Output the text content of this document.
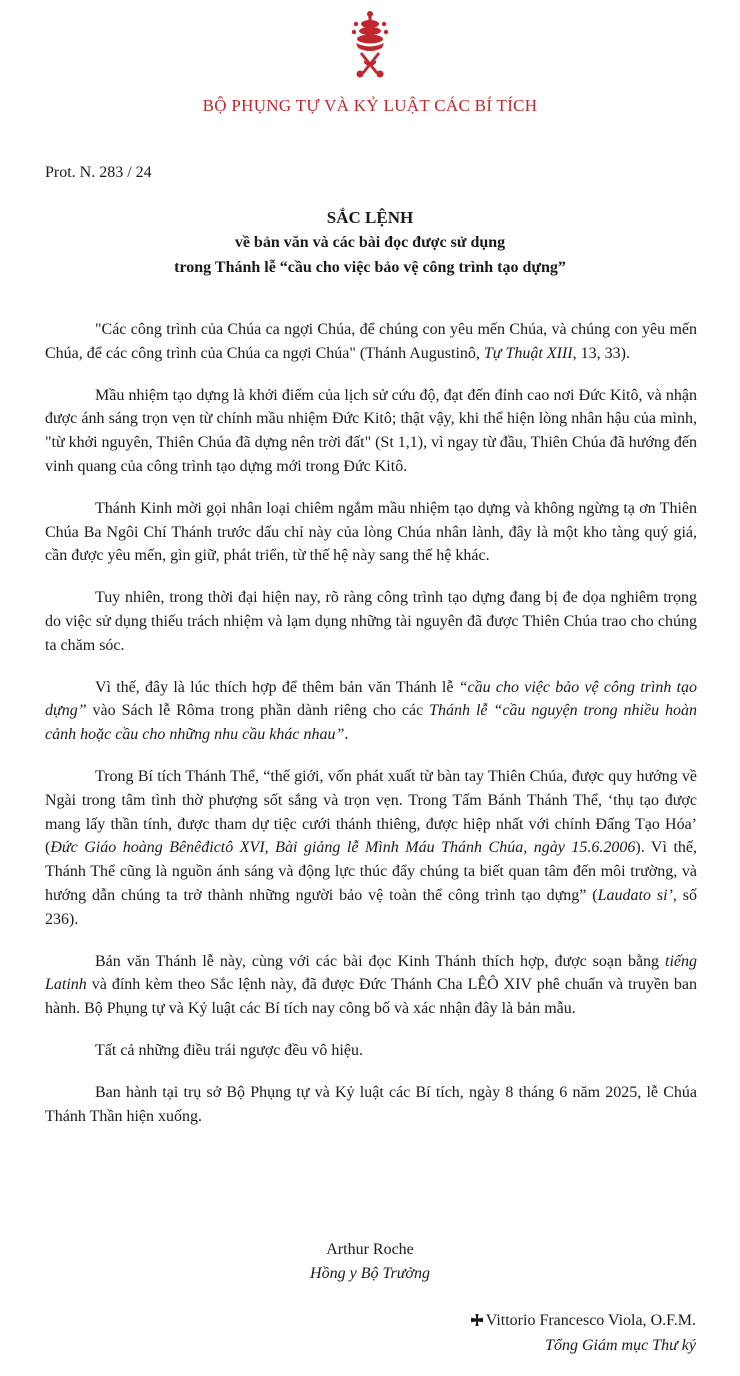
BỘ PHỤNG TỰ VÀ KỶ LUẬT CÁC BÍ TÍCH
Prot. N. 283 / 24
SẮC LỆNH
về bản văn và các bài đọc được sử dụng
trong Thánh lễ “cầu cho việc bảo vệ công trình tạo dựng”

"Các công trình của Chúa ca ngợi Chúa, để chúng con yêu mến Chúa, và chúng con yêu mến Chúa, để các công trình của Chúa ca ngợi Chúa" (Thánh Augustinô, Tự Thuật XIII, 13, 33).

Mầu nhiệm tạo dựng là khởi điểm của lịch sử cứu độ, đạt đến đỉnh cao nơi Đức Kitô, và nhận được ánh sáng trọn vẹn từ chính mầu nhiệm Đức Kitô; thật vậy, khi thể hiện lòng nhân hậu của mình, "từ khởi nguyên, Thiên Chúa đã dựng nên trời đất" (St 1,1), vì ngay từ đầu, Thiên Chúa đã hướng đến vinh quang của công trình tạo dựng mới trong Đức Kitô.

Thánh Kinh mời gọi nhân loại chiêm ngắm mầu nhiệm tạo dựng và không ngừng tạ ơn Thiên Chúa Ba Ngôi Chí Thánh trước dấu chỉ này của lòng Chúa nhân lành, đây là một kho tàng quý giá, cần được yêu mến, gìn giữ, phát triển, từ thế hệ này sang thế hệ khác.

Tuy nhiên, trong thời đại hiện nay, rõ ràng công trình tạo dựng đang bị đe dọa nghiêm trọng do việc sử dụng thiếu trách nhiệm và lạm dụng những tài nguyên đã được Thiên Chúa trao cho chúng ta chăm sóc.

Vì thế, đây là lúc thích hợp để thêm bản văn Thánh lễ “cầu cho việc bảo vệ công trình tạo dựng” vào Sách lễ Rôma trong phần dành riêng cho các Thánh lễ “cầu nguyện trong nhiều hoàn cảnh hoặc cầu cho những nhu cầu khác nhau”.

Trong Bí tích Thánh Thể, “thế giới, vốn phát xuất từ bàn tay Thiên Chúa, được quy hướng về Ngài trong tâm tình thờ phượng sốt sắng và trọn vẹn. Trong Tấm Bánh Thánh Thể, ‘thụ tạo được mang lấy thần tính, được tham dự tiệc cưới thánh thiêng, được hiệp nhất với chính Đấng Tạo Hóa’ (Đức Giáo hoàng Bênêđictô XVI, Bài giảng lễ Mình Máu Thánh Chúa, ngày 15.6.2006). Vì thế, Thánh Thể cũng là nguồn ánh sáng và động lực thúc đẩy chúng ta biết quan tâm đến môi trường, và hướng dẫn chúng ta trở thành những người bảo vệ toàn thể công trình tạo dựng” (Laudato si’, số 236).

Bản văn Thánh lễ này, cùng với các bài đọc Kinh Thánh thích hợp, được soạn bằng tiếng Latinh và đính kèm theo Sắc lệnh này, đã được Đức Thánh Cha LÊÔ XIV phê chuẩn và truyền ban hành. Bộ Phụng tự và Kỷ luật các Bí tích nay công bố và xác nhận đây là bản mẫu.

Tất cả những điều trái ngược đều vô hiệu.

Ban hành tại trụ sở Bộ Phụng tự và Kỷ luật các Bí tích, ngày 8 tháng 6 năm 2025, lễ Chúa Thánh Thần hiện xuống.

Arthur Roche
Hồng y Bộ Trưởng
Vittorio Francesco Viola, O.F.M.
Tổng Giám mục Thư ký
